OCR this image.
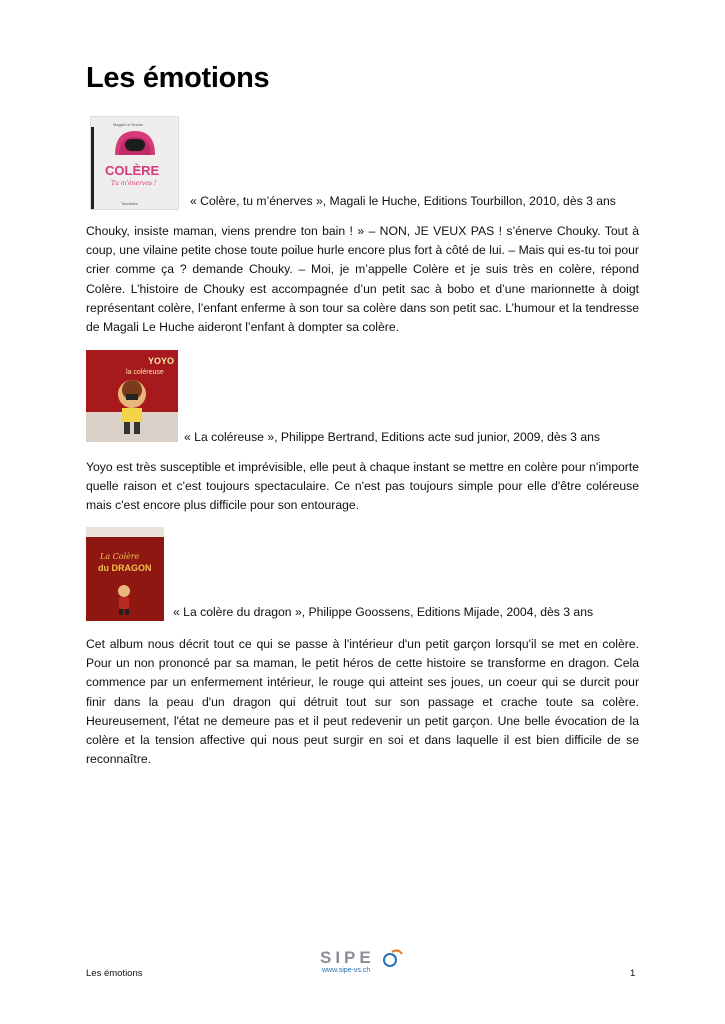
Les émotions
Magali Le Huche
COLÈRE
Tu m'énerves !
Tourbillon	« Colère, tu m’énerves », Magali le Huche, Editions Tourbillon, 2010, dès 3 ans

Chouky, insiste maman, viens prendre ton bain ! » – NON, JE VEUX PAS ! s’énerve Chouky. Tout à coup, une vilaine petite chose toute poilue hurle encore plus fort à côté de lui. – Mais qui es-tu toi pour crier comme ça ? demande Chouky. – Moi, je m’appelle Colère et je suis très en colère, répond Colère. L’histoire de Chouky est accompagnée d’un petit sac à bobo et d’une marionnette à doigt représentant colère, l’enfant enferme à son tour sa colère dans son petit sac. L’humour et la tendresse de Magali Le Huche aideront l’enfant à dompter sa colère.

YOYO
la coléreuse
« La coléreuse », Philippe Bertrand, Editions acte sud junior, 2009, dès 3 ans

Yoyo est très susceptible et imprévisible, elle peut à chaque instant se mettre en colère pour n'importe quelle raison et c'est toujours spectaculaire. Ce n'est pas toujours simple pour elle d'être coléreuse mais c'est encore plus difficile pour son entourage.

La Colère
du DRAGON
« La colère du dragon », Philippe Goossens, Editions Mijade, 2004, dès 3 ans

Cet album nous décrit tout ce qui se passe à l'intérieur d'un petit garçon lorsqu'il se met en colère. Pour un non prononcé par sa maman, le petit héros de cette histoire se transforme en dragon. Cela commence par un enfermement intérieur, le rouge qui atteint ses joues, un coeur qui se durcit pour finir dans la peau d'un dragon qui détruit tout sur son passage et crache toute sa colère. Heureusement, l'état ne demeure pas et il peut redevenir un petit garçon. Une belle évocation de la colère et la tension affective qui nous peut surgir en soi et dans laquelle il est bien difficile de se reconnaître.

Les émotions
SIPE
www.sipe-vs.ch	1
